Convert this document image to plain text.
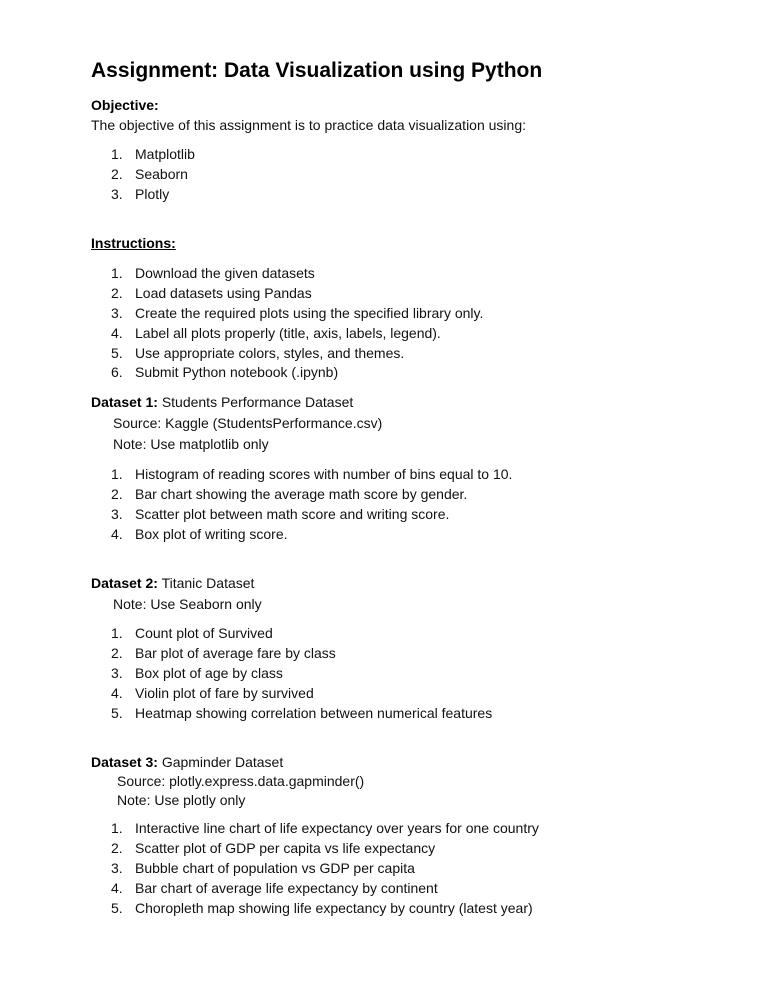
Assignment: Data Visualization using Python

Objective:

The objective of this assignment is to practice data visualization using:

1. Matplotlib
2. Seaborn
3. Plotly

Instructions:

1. Download the given datasets
2. Load datasets using Pandas
3. Create the required plots using the specified library only.
4. Label all plots properly (title, axis, labels, legend).
5. Use appropriate colors, styles, and themes.
6. Submit Python notebook (.ipynb)

Dataset 1: Students Performance Dataset

Source: Kaggle (StudentsPerformance.csv)

Note: Use matplotlib only

1. Histogram of reading scores with number of bins equal to 10.
2. Bar chart showing the average math score by gender.
3. Scatter plot between math score and writing score.
4. Box plot of writing score.

Dataset 2: Titanic Dataset

Note: Use Seaborn only

1. Count plot of Survived
2. Bar plot of average fare by class
3. Box plot of age by class
4. Violin plot of fare by survived
5. Heatmap showing correlation between numerical features

Dataset 3: Gapminder Dataset

Source: plotly.express.data.gapminder()

Note: Use plotly only

1. Interactive line chart of life expectancy over years for one country
2. Scatter plot of GDP per capita vs life expectancy
3. Bubble chart of population vs GDP per capita
4. Bar chart of average life expectancy by continent
5. Choropleth map showing life expectancy by country (latest year)
